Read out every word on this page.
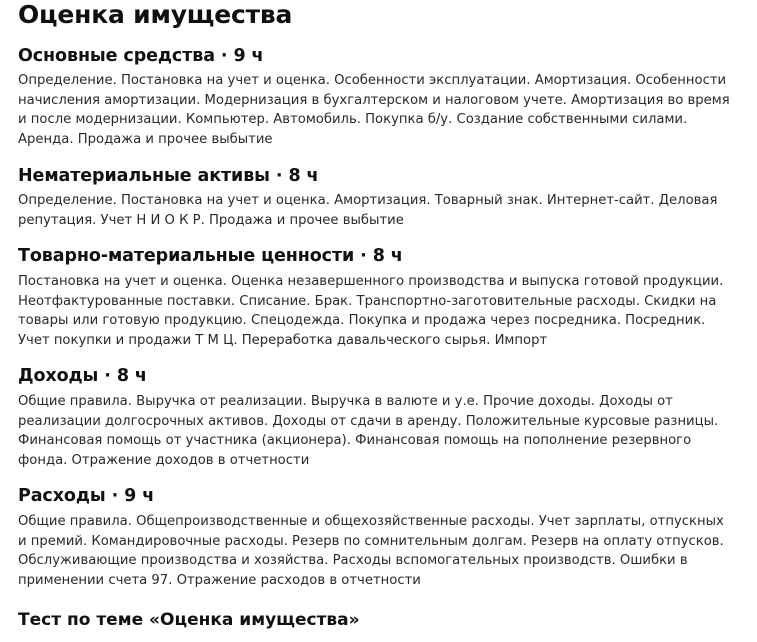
Оценка имущества
Основные средства · 9 ч

Определение. Постановка на учет и оценка. Особенности эксплуатации. Амортизация. Особенности начисления амортизации. Модернизация в бухгалтерском и налоговом учете. Амортизация во время и после модернизации. Компьютер. Автомобиль. Покупка б/у. Создание собственными силами. Аренда. Продажа и прочее выбытие

Нематериальные активы · 8 ч

Определение. Постановка на учет и оценка. Амортизация. Товарный знак. Интернет-сайт. Деловая репутация. Учет Н И О К Р. Продажа и прочее выбытие

Товарно-материальные ценности · 8 ч

Постановка на учет и оценка. Оценка незавершенного производства и выпуска готовой продукции. Неотфактурованные поставки. Списание. Брак. Транспортно-заготовительные расходы. Скидки на товары или готовую продукцию. Спецодежда. Покупка и продажа через посредника. Посредник. Учет покупки и продажи Т М Ц. Переработка давальческого сырья. Импорт

Доходы · 8 ч

Общие правила. Выручка от реализации. Выручка в валюте и у.е. Прочие доходы. Доходы от реализации долгосрочных активов. Доходы от сдачи в аренду. Положительные курсовые разницы. Финансовая помощь от участника (акционера). Финансовая помощь на пополнение резервного фонда. Отражение доходов в отчетности

Расходы · 9 ч

Общие правила. Общепроизводственные и общехозяйственные расходы. Учет зарплаты, отпускных и премий. Командировочные расходы. Резерв по сомнительным долгам. Резерв на оплату отпусков. Обслуживающие производства и хозяйства. Расходы вспомогательных производств. Ошибки в применении счета 97. Отражение расходов в отчетности

Тест по теме «Оценка имущества»
